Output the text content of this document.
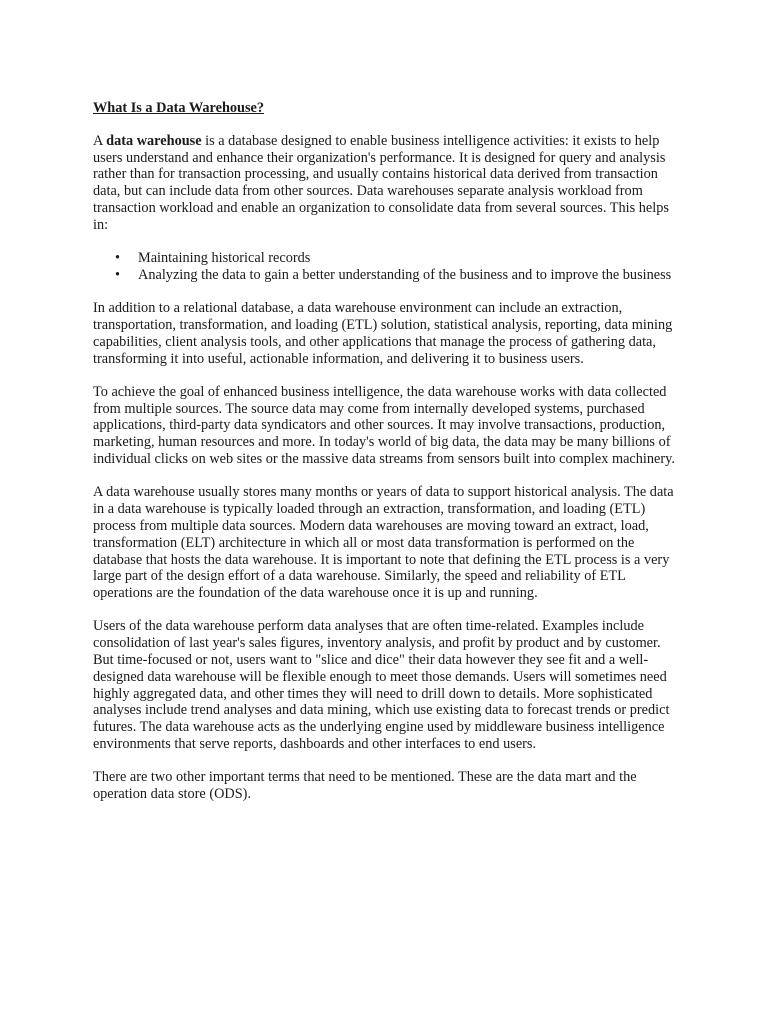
What Is a Data Warehouse?

A data warehouse is a database designed to enable business intelligence activities: it exists to help users understand and enhance their organization's performance. It is designed for query and analysis rather than for transaction processing, and usually contains historical data derived from transaction data, but can include data from other sources. Data warehouses separate analysis workload from transaction workload and enable an organization to consolidate data from several sources. This helps in:

• Maintaining historical records
• Analyzing the data to gain a better understanding of the business and to improve the business

In addition to a relational database, a data warehouse environment can include an extraction, transportation, transformation, and loading (ETL) solution, statistical analysis, reporting, data mining capabilities, client analysis tools, and other applications that manage the process of gathering data, transforming it into useful, actionable information, and delivering it to business users.

To achieve the goal of enhanced business intelligence, the data warehouse works with data collected from multiple sources. The source data may come from internally developed systems, purchased applications, third-party data syndicators and other sources. It may involve transactions, production, marketing, human resources and more. In today's world of big data, the data may be many billions of individual clicks on web sites or the massive data streams from sensors built into complex machinery.

A data warehouse usually stores many months or years of data to support historical analysis. The data in a data warehouse is typically loaded through an extraction, transformation, and loading (ETL) process from multiple data sources. Modern data warehouses are moving toward an extract, load, transformation (ELT) architecture in which all or most data transformation is performed on the database that hosts the data warehouse. It is important to note that defining the ETL process is a very large part of the design effort of a data warehouse. Similarly, the speed and reliability of ETL operations are the foundation of the data warehouse once it is up and running.

Users of the data warehouse perform data analyses that are often time-related. Examples include consolidation of last year's sales figures, inventory analysis, and profit by product and by customer. But time-focused or not, users want to "slice and dice" their data however they see fit and a well-designed data warehouse will be flexible enough to meet those demands. Users will sometimes need highly aggregated data, and other times they will need to drill down to details. More sophisticated analyses include trend analyses and data mining, which use existing data to forecast trends or predict futures. The data warehouse acts as the underlying engine used by middleware business intelligence environments that serve reports, dashboards and other interfaces to end users.

There are two other important terms that need to be mentioned. These are the data mart and the operation data store (ODS).
